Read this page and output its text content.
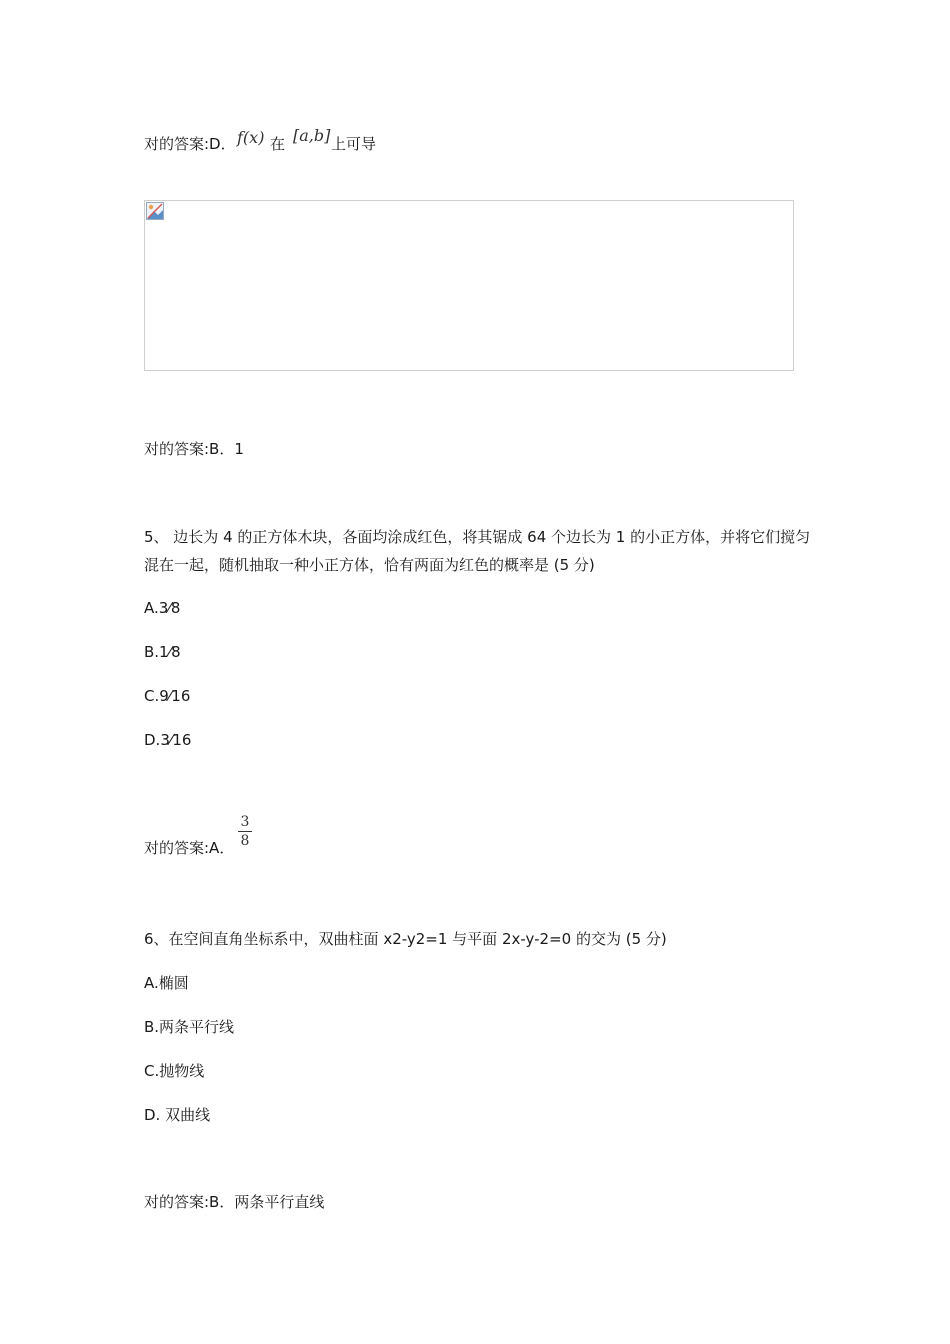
对的答案:D． f(x) 在 [a,b] 上可导
对的答案:B．1
5、 边长为 4 的正方体木块，各面均涂成红色，将其锯成 64 个边长为 1 的小正方体，并将它们搅匀
混在一起，随机抽取一种小正方体，恰有两面为红色的概率是 (5 分)
A.3⁄8
B.1⁄8
C.9⁄16
D.3⁄16
对的答案:A．
3
8
6、在空间直角坐标系中，双曲柱面 x2-y2=1 与平面 2x-y-2=0 的交为 (5 分)
A.椭圆
B.两条平行线
C.抛物线
D. 双曲线
对的答案:B．两条平行直线
